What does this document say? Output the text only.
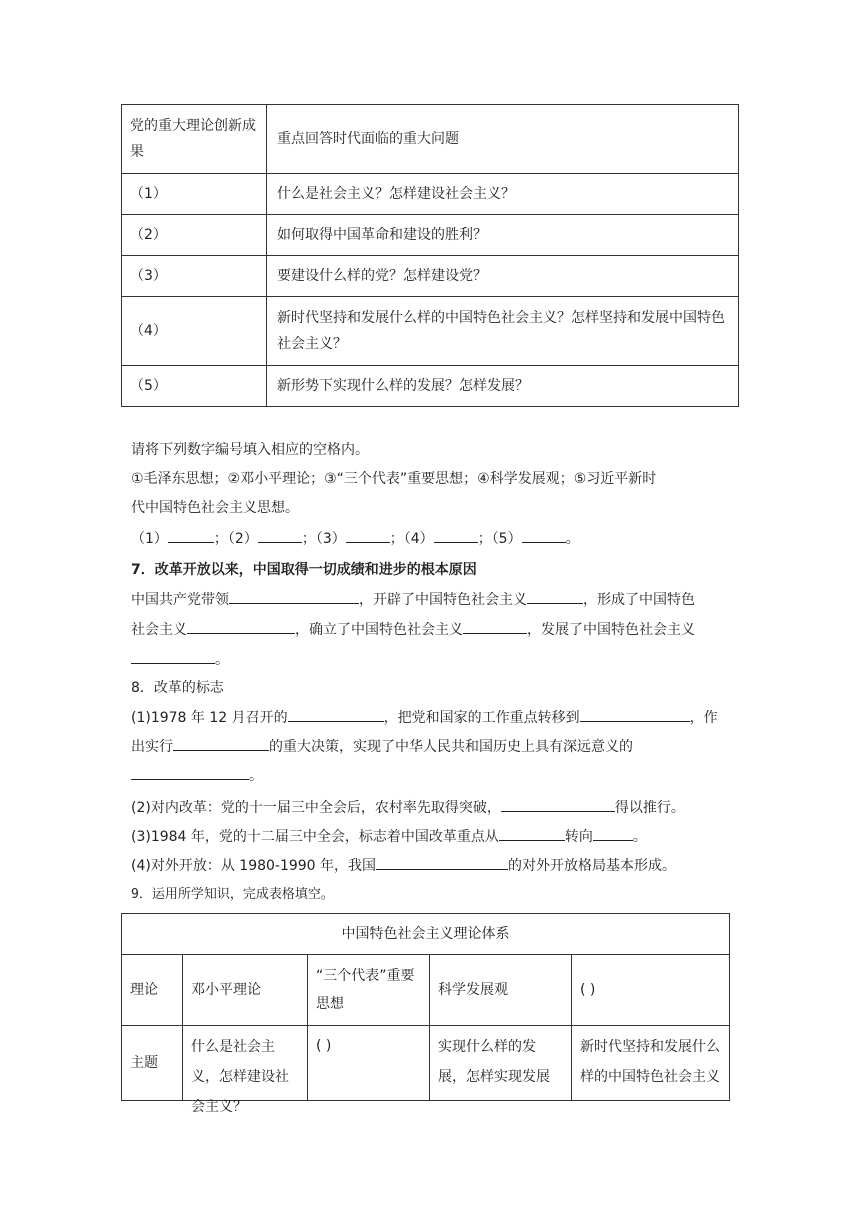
党的重大理论创新成果	重点回答时代面临的重大问题
（1）	什么是社会主义？怎样建设社会主义？
（2）	如何取得中国革命和建设的胜利？
（3）	要建设什么样的党？怎样建设党？
（4）	新时代坚持和发展什么样的中国特色社会主义？怎样坚持和发展中国特色社会主义？
（5）	新形势下实现什么样的发展？怎样发展？
请将下列数字编号填入相应的空格内。
①毛泽东思想；②邓小平理论；③“三个代表”重要思想；④科学发展观；⑤习近平新时
代中国特色社会主义思想。
（1）	；（2）	；（3）	；（4）	；（5）	。
7．改革开放以来，中国取得一切成绩和进步的根本原因
中国共产党带领	，开辟了中国特色社会主义	，形成了中国特色
社会主义	，确立了中国特色社会主义	，发展了中国特色社会主义
。
8．改革的标志
(1)1978 年 12 月召开的	，把党和国家的工作重点转移到	，作
出实行	的重大决策，实现了中华人民共和国历史上具有深远意义的
。
(2)对内改革：党的十一届三中全会后，农村率先取得突破，	得以推行。
(3)1984 年，党的十二届三中全会，标志着中国改革重点从	转向	。
(4)对外开放：从 1980-1990 年，我国	的对外开放格局基本形成。
9．运用所学知识，完成表格填空。
中国特色社会主义理论体系				
理论	邓小平理论	“三个代表”重要思想	科学发展观	( )
主题	什么是社会主义，怎样建设社会主义？	( )	实现什么样的发展，怎样实现发展	新时代坚持和发展什么样的中国特色社会主义
